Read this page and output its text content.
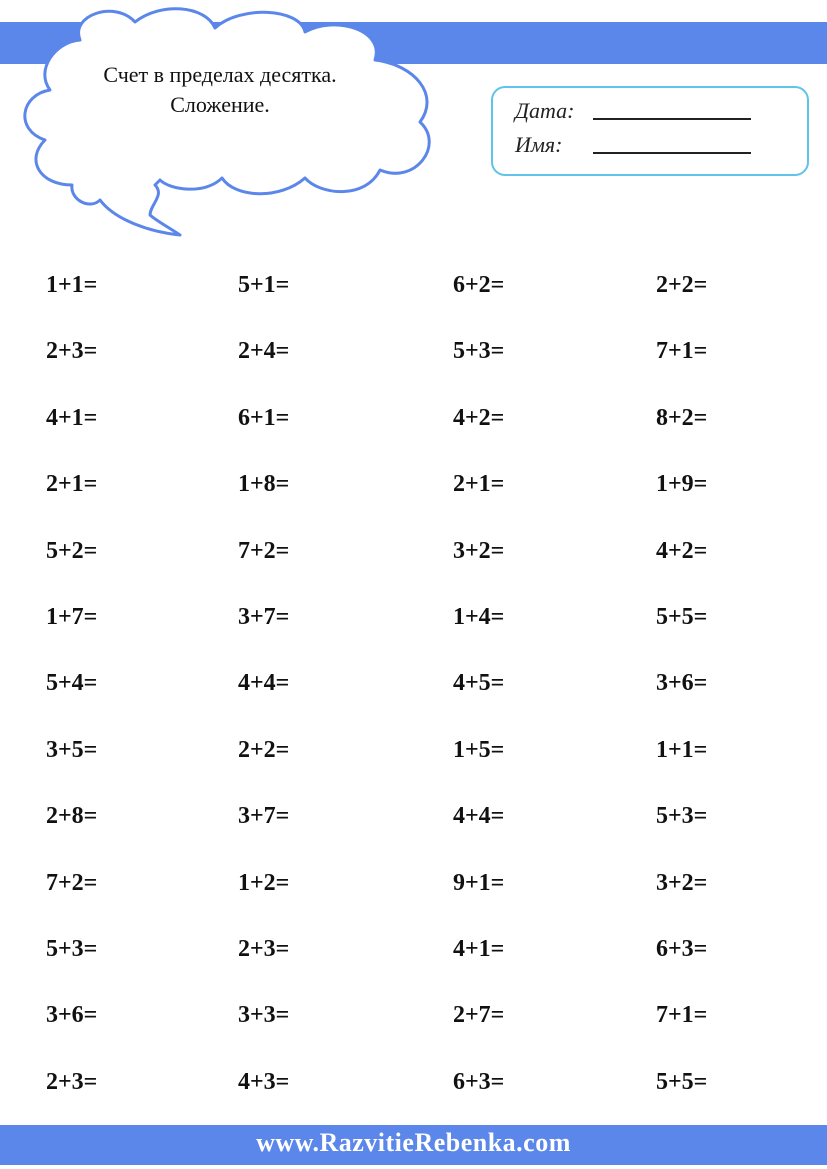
Счет в пределах десятка.
Сложение.	Дата:
Имя:
1+1=
2+3=
4+1=
2+1=
5+2=
1+7=
5+4=
3+5=
2+8=
7+2=
5+3=
3+6=
2+3=
5+1=
2+4=
6+1=
1+8=
7+2=
3+7=
4+4=
2+2=
3+7=
1+2=
2+3=
3+3=
4+3=
6+2=
5+3=
4+2=
2+1=
3+2=
1+4=
4+5=
1+5=
4+4=
9+1=
4+1=
2+7=
6+3=
2+2=
7+1=
8+2=
1+9=
4+2=
5+5=
3+6=
1+1=
5+3=
3+2=
6+3=
7+1=
5+5=
www.RazvitieRebenka.com
